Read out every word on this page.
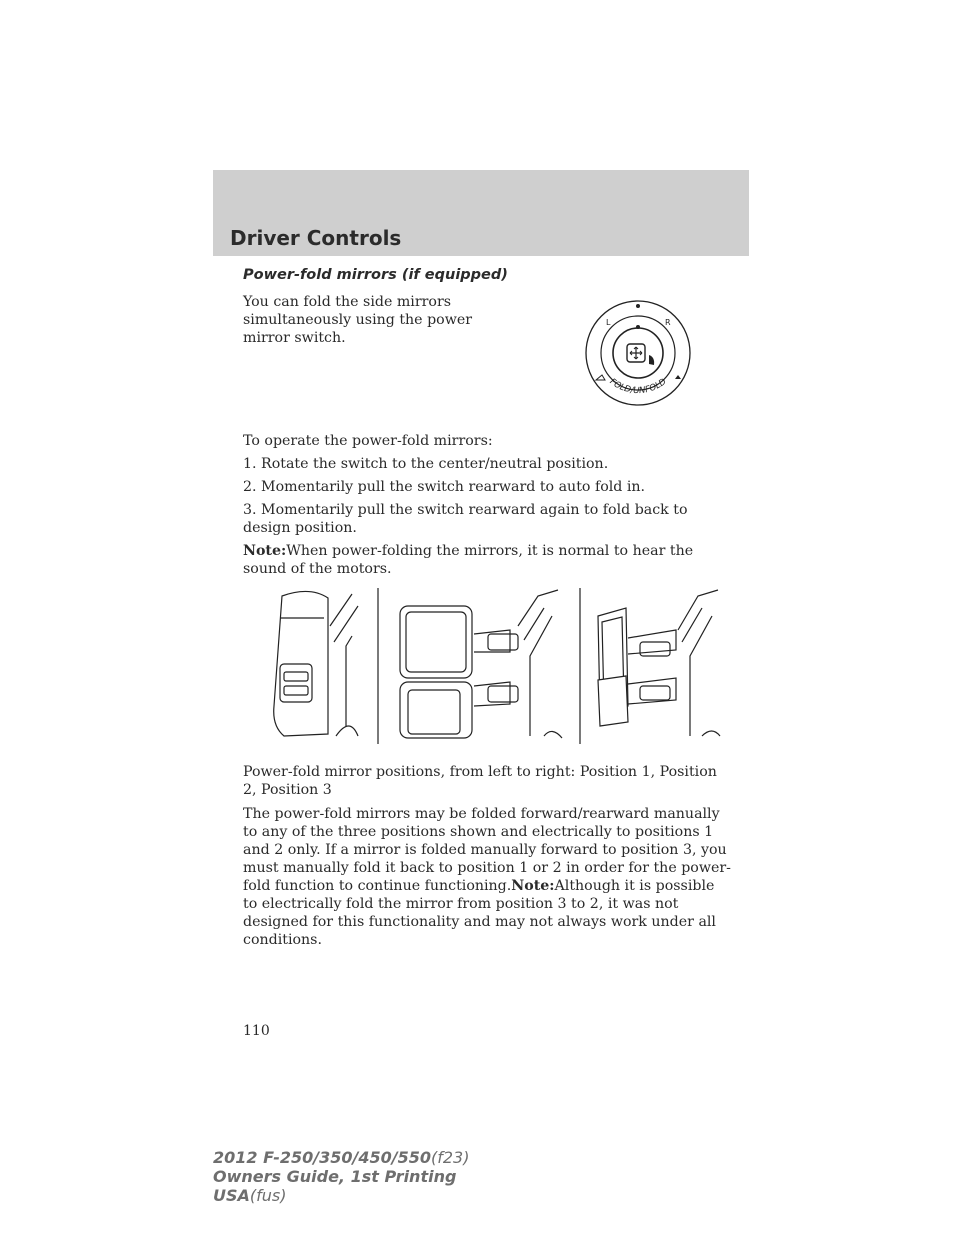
Driver Controls
Power-fold mirrors (if equipped)

You can fold the side mirrors simultaneously using the power mirror switch.

L	R
FOLD/UNFOLD

To operate the power-fold mirrors:

1. Rotate the switch to the center/neutral position.

2. Momentarily pull the switch rearward to auto fold in.

3. Momentarily pull the switch rearward again to fold back to design position.

Note:When power-folding the mirrors, it is normal to hear the sound of the motors.

Power-fold mirror positions, from left to right: Position 1, Position 2, Position 3

The power-fold mirrors may be folded forward/rearward manually to any of the three positions shown and electrically to positions 1 and 2 only. If a mirror is folded manually forward to position 3, you must manually fold it back to position 1 or 2 in order for the power-fold function to continue functioning.Note:Although it is possible to electrically fold the mirror from position 3 to 2, it was not designed for this functionality and may not always work under all conditions.

110

2012 F-250/350/450/550(f23)
Owners Guide, 1st Printing
USA(fus)
